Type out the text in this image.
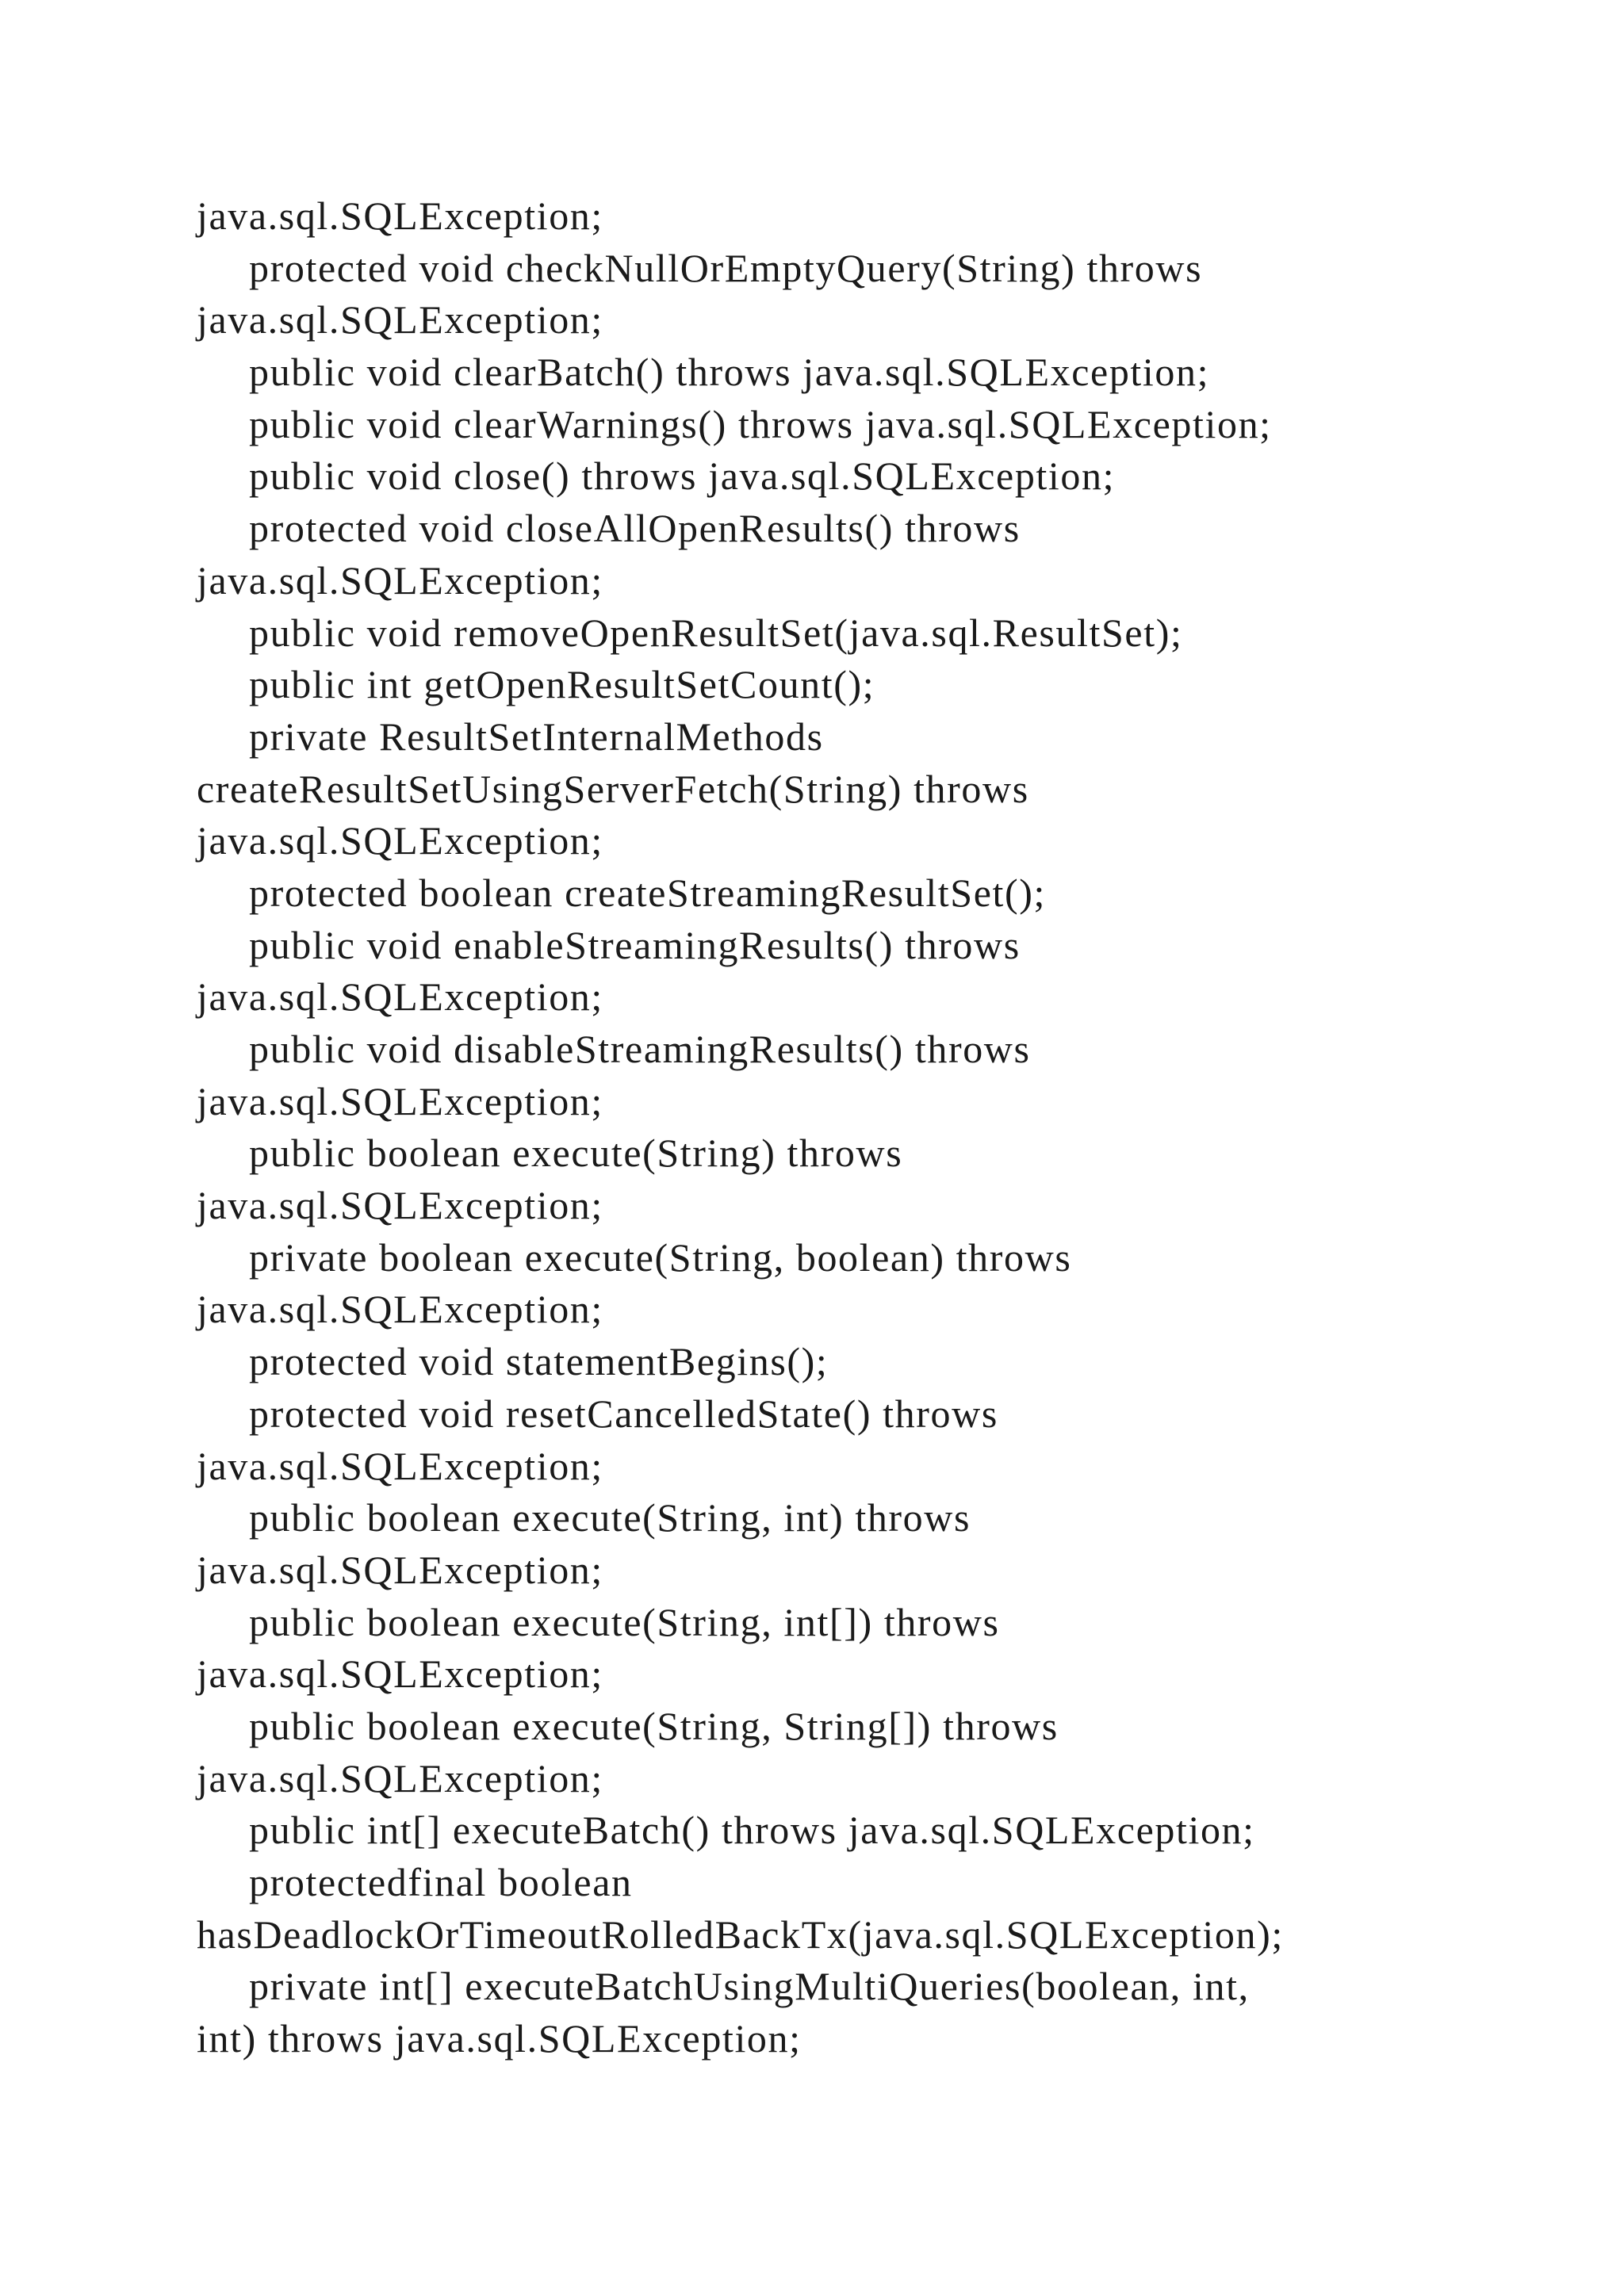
java.sql.SQLException;
protected void checkNullOrEmptyQuery(String) throws
java.sql.SQLException;
public void clearBatch() throws java.sql.SQLException;
public void clearWarnings() throws java.sql.SQLException;
public void close() throws java.sql.SQLException;
protected void closeAllOpenResults() throws
java.sql.SQLException;
public void removeOpenResultSet(java.sql.ResultSet);
public int getOpenResultSetCount();
private ResultSetInternalMethods
createResultSetUsingServerFetch(String) throws
java.sql.SQLException;
protected boolean createStreamingResultSet();
public void enableStreamingResults() throws
java.sql.SQLException;
public void disableStreamingResults() throws
java.sql.SQLException;
public boolean execute(String) throws
java.sql.SQLException;
private boolean execute(String, boolean) throws
java.sql.SQLException;
protected void statementBegins();
protected void resetCancelledState() throws
java.sql.SQLException;
public boolean execute(String, int) throws
java.sql.SQLException;
public boolean execute(String, int[]) throws
java.sql.SQLException;
public boolean execute(String, String[]) throws
java.sql.SQLException;
public int[] executeBatch() throws java.sql.SQLException;
protectedfinal boolean
hasDeadlockOrTimeoutRolledBackTx(java.sql.SQLException);
private int[] executeBatchUsingMultiQueries(boolean, int,
int) throws java.sql.SQLException;
